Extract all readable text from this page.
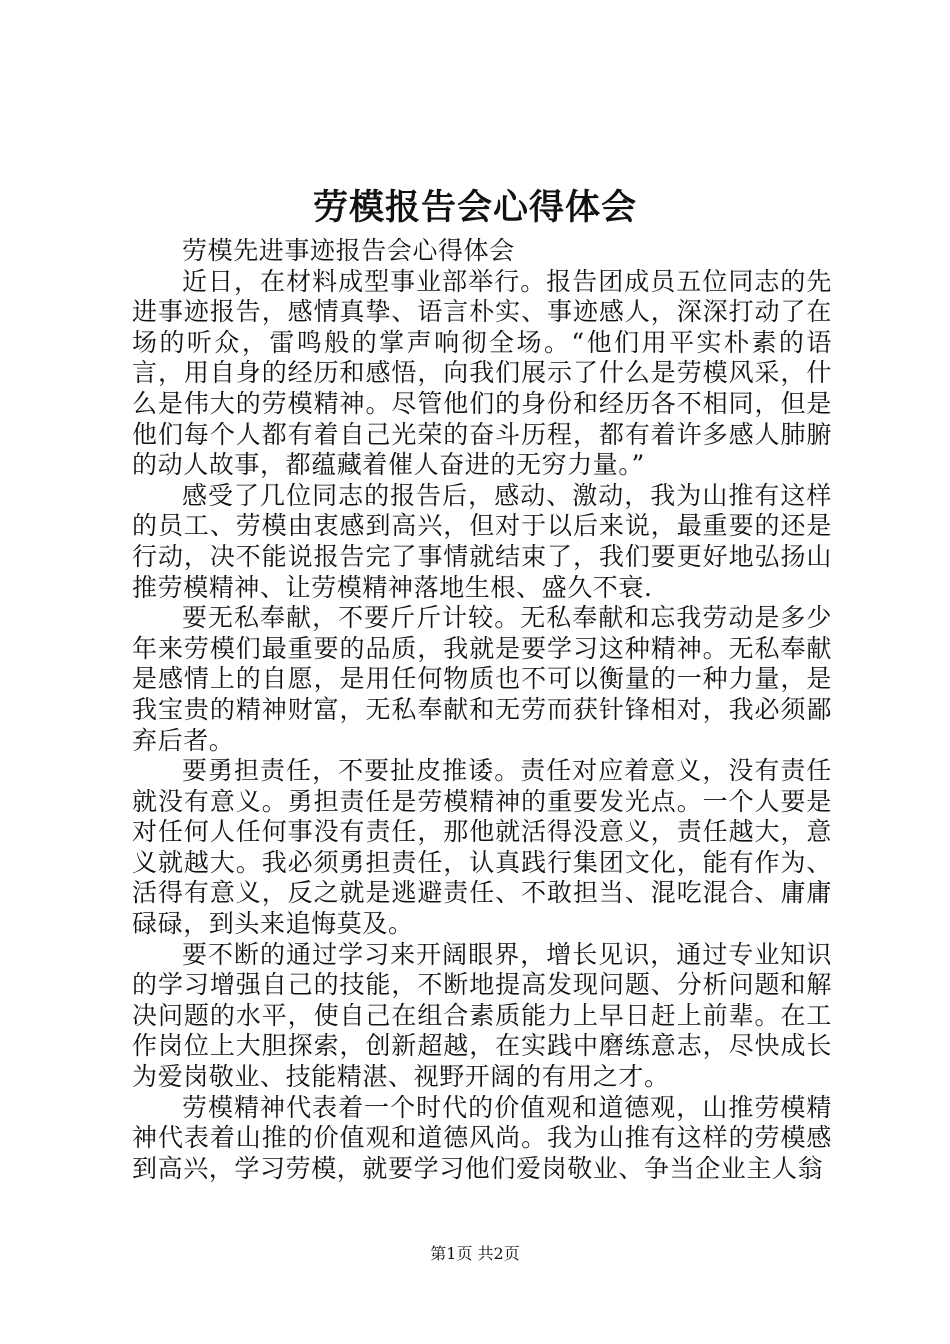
劳模报告会心得体会

劳模先进事迹报告会心得体会

近日，在材料成型事业部举行。报告团成员五位同志的先进事迹报告，感情真挚、语言朴实、事迹感人，深深打动了在场的听众，雷鸣般的掌声响彻全场。“他们用平实朴素的语言，用自身的经历和感悟，向我们展示了什么是劳模风采，什么是伟大的劳模精神。尽管他们的身份和经历各不相同，但是他们每个人都有着自己光荣的奋斗历程，都有着许多感人肺腑的动人故事，都蕴藏着催人奋进的无穷力量。”

感受了几位同志的报告后，感动、激动，我为山推有这样的员工、劳模由衷感到高兴，但对于以后来说，最重要的还是行动，决不能说报告完了事情就结束了，我们要更好地弘扬山推劳模精神、让劳模精神落地生根、盛久不衰.

要无私奉献，不要斤斤计较。无私奉献和忘我劳动是多少年来劳模们最重要的品质，我就是要学习这种精神。无私奉献是感情上的自愿，是用任何物质也不可以衡量的一种力量，是我宝贵的精神财富，无私奉献和无劳而获针锋相对，我必须鄙弃后者。

要勇担责任，不要扯皮推诿。责任对应着意义，没有责任就没有意义。勇担责任是劳模精神的重要发光点。一个人要是对任何人任何事没有责任，那他就活得没意义，责任越大，意义就越大。我必须勇担责任，认真践行集团文化，能有作为、活得有意义，反之就是逃避责任、不敢担当、混吃混合、庸庸碌碌，到头来追悔莫及。

要不断的通过学习来开阔眼界，增长见识，通过专业知识的学习增强自己的技能，不断地提高发现问题、分析问题和解决问题的水平，使自己在组合素质能力上早日赶上前辈。在工作岗位上大胆探索，创新超越，在实践中磨练意志，尽快成长为爱岗敬业、技能精湛、视野开阔的有用之才。

劳模精神代表着一个时代的价值观和道德观，山推劳模精神代表着山推的价值观和道德风尚。我为山推有这样的劳模感到高兴，学习劳模，就要学习他们爱岗敬业、争当企业主人翁

第1页 共2页
